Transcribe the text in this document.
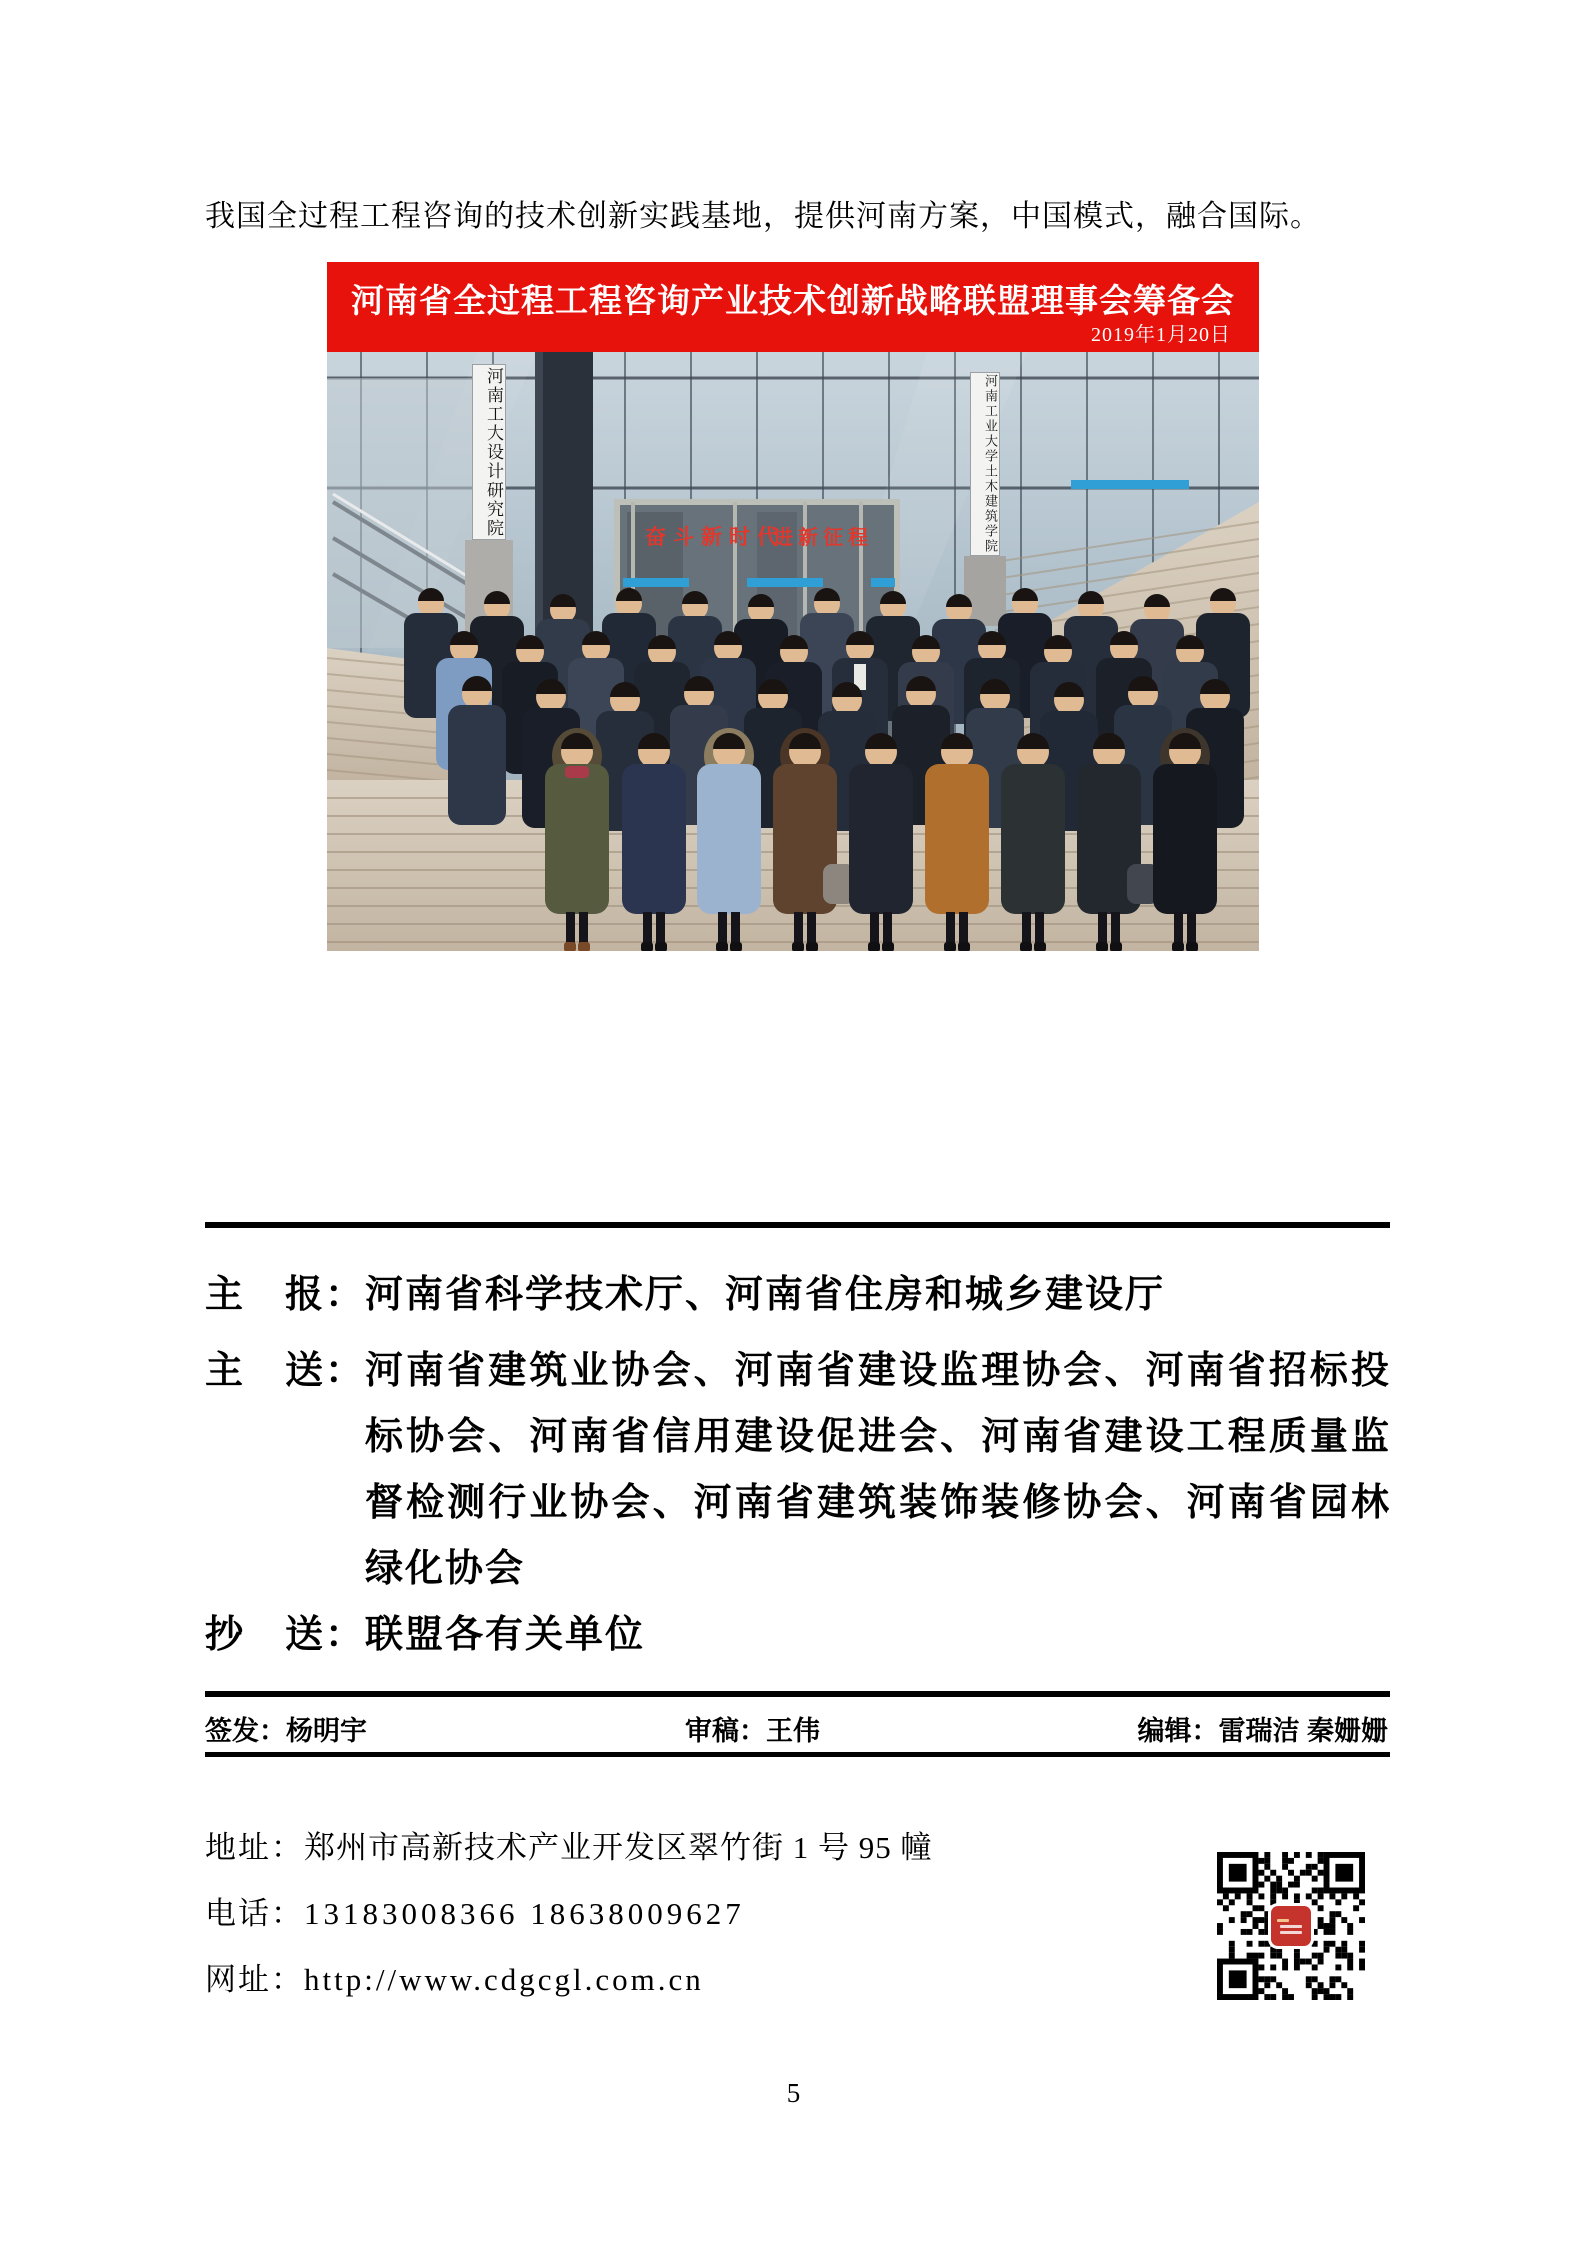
我国全过程工程咨询的技术创新实践基地，提供河南方案，中国模式，融合国际。

河南省全过程工程咨询产业技术创新战略联盟理事会筹备会
2019年1月20日
奋斗新时代
进新征程
河南工大设计研究院	河南工业大学土木建筑学院
主　报： 河南省科学技术厅、河南省住房和城乡建设厅
主　送： 河南省建筑业协会、河南省建设监理协会、河南省招标投标协会、河南省信用建设促进会、河南省建设工程质量监督检测行业协会、河南省建筑装饰装修协会、河南省园林绿化协会
抄　送： 联盟各有关单位
签发：杨明宇	审稿：王伟	编辑：雷瑞洁 秦姗姗
地址：郑州市高新技术产业开发区翠竹街 1 号 95 幢
电话：13183008366 18638009627
网址：http://www.cdgcgl.com.cn
5
